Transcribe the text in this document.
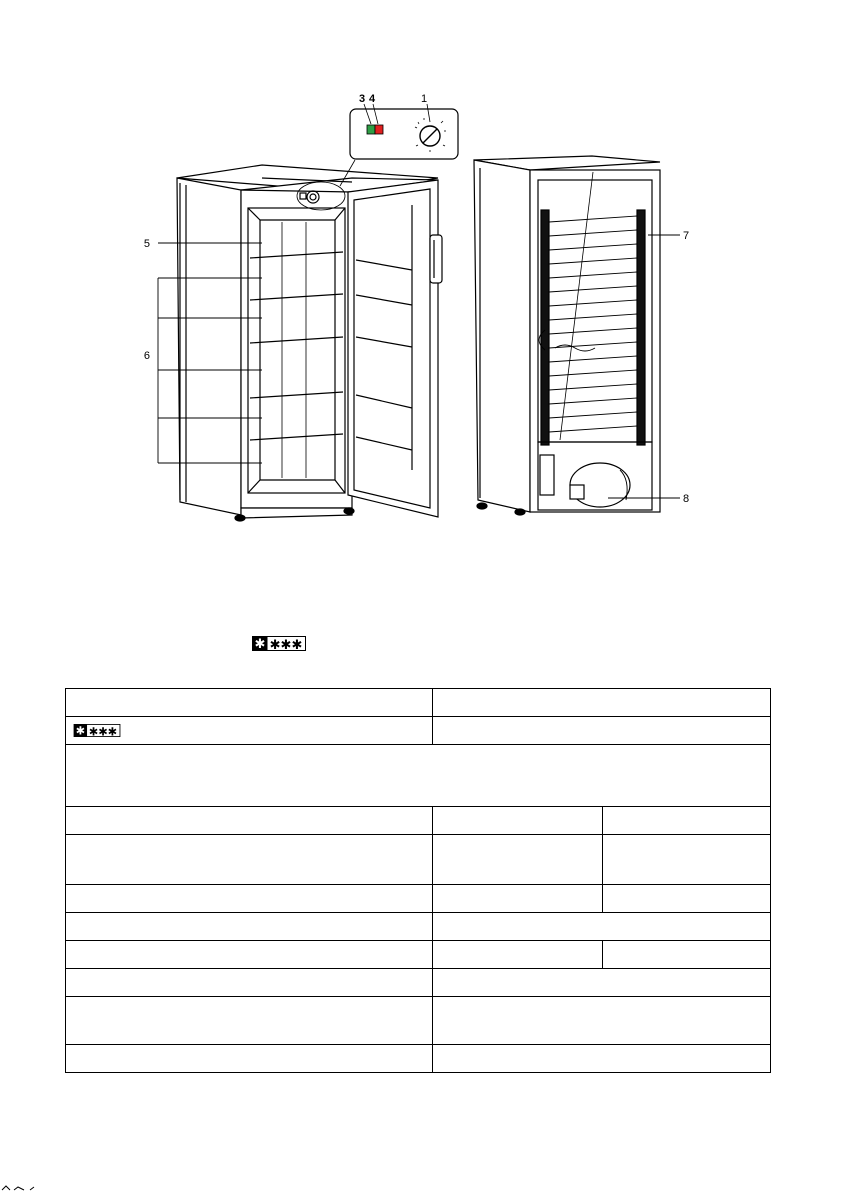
1
3 4
5
6
7
8
✱ ✱✱✱

✱ ✱✱✱		
